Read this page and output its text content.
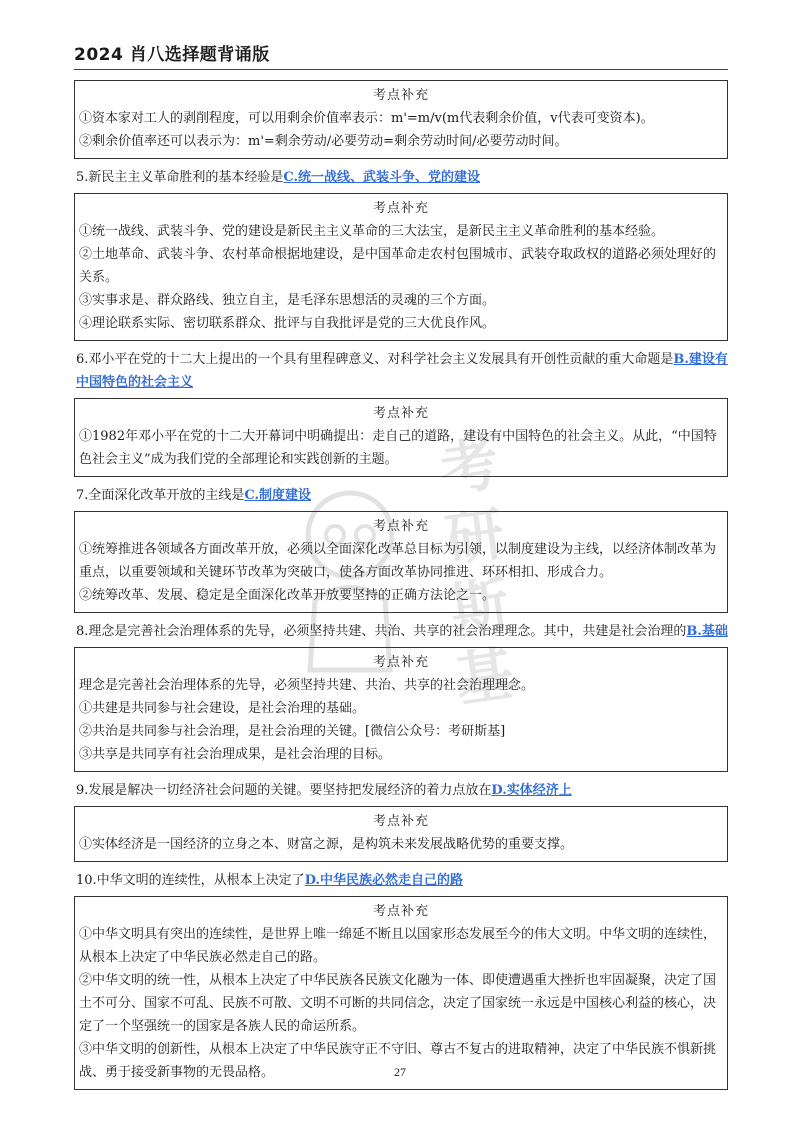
2024 肖八选择题背诵版
考
研
斯
基
考点补充

①资本家对工人的剥削程度，可以用剩余价值率表示：m'=m/v(m代表剩余价值，v代表可变资本)。

②剩余价值率还可以表示为：m'=剩余劳动/必要劳动=剩余劳动时间/必要劳动时间。

5.新民主主义革命胜利的基本经验是C.统一战线、武装斗争、党的建设
考点补充

①统一战线、武装斗争、党的建设是新民主主义革命的三大法宝，是新民主主义革命胜利的基本经验。

②土地革命、武装斗争、农村革命根据地建设，是中国革命走农村包围城市、武装夺取政权的道路必须处理好的关系。

③实事求是、群众路线、独立自主，是毛泽东思想活的灵魂的三个方面。

④理论联系实际、密切联系群众、批评与自我批评是党的三大优良作风。

6.邓小平在党的十二大上提出的一个具有里程碑意义、对科学社会主义发展具有开创性贡献的重大命题是B.建设有中国特色的社会主义
考点补充

①1982年邓小平在党的十二大开幕词中明确提出：走自己的道路，建设有中国特色的社会主义。从此，“中国特色社会主义”成为我们党的全部理论和实践创新的主题。

7.全面深化改革开放的主线是C.制度建设
考点补充

①统筹推进各领域各方面改革开放，必须以全面深化改革总目标为引领，以制度建设为主线，以经济体制改革为重点，以重要领域和关键环节改革为突破口，使各方面改革协同推进、环环相扣、形成合力。

②统筹改革、发展、稳定是全面深化改革开放要坚持的正确方法论之一。

8.理念是完善社会治理体系的先导，必须坚持共建、共治、共享的社会治理理念。其中，共建是社会治理的B.基础
考点补充

理念是完善社会治理体系的先导，必须坚持共建、共治、共享的社会治理理念。

①共建是共同参与社会建设，是社会治理的基础。

②共治是共同参与社会治理，是社会治理的关键。[微信公众号：考研斯基]

③共享是共同享有社会治理成果，是社会治理的目标。

9.发展是解决一切经济社会问题的关键。要坚持把发展经济的着力点放在D.实体经济上
考点补充

①实体经济是一国经济的立身之本、财富之源，是构筑未来发展战略优势的重要支撑。

10.中华文明的连续性，从根本上决定了D.中华民族必然走自己的路
考点补充

①中华文明具有突出的连续性，是世界上唯一绵延不断且以国家形态发展至今的伟大文明。中华文明的连续性，从根本上决定了中华民族必然走自己的路。

②中华文明的统一性，从根本上决定了中华民族各民族文化融为一体、即使遭遇重大挫折也牢固凝聚，决定了国土不可分、国家不可乱、民族不可散、文明不可断的共同信念，决定了国家统一永远是中国核心利益的核心，决定了一个坚强统一的国家是各族人民的命运所系。

③中华文明的创新性，从根本上决定了中华民族守正不守旧、尊古不复古的进取精神，决定了中华民族不惧新挑战、勇于接受新事物的无畏品格。	27
